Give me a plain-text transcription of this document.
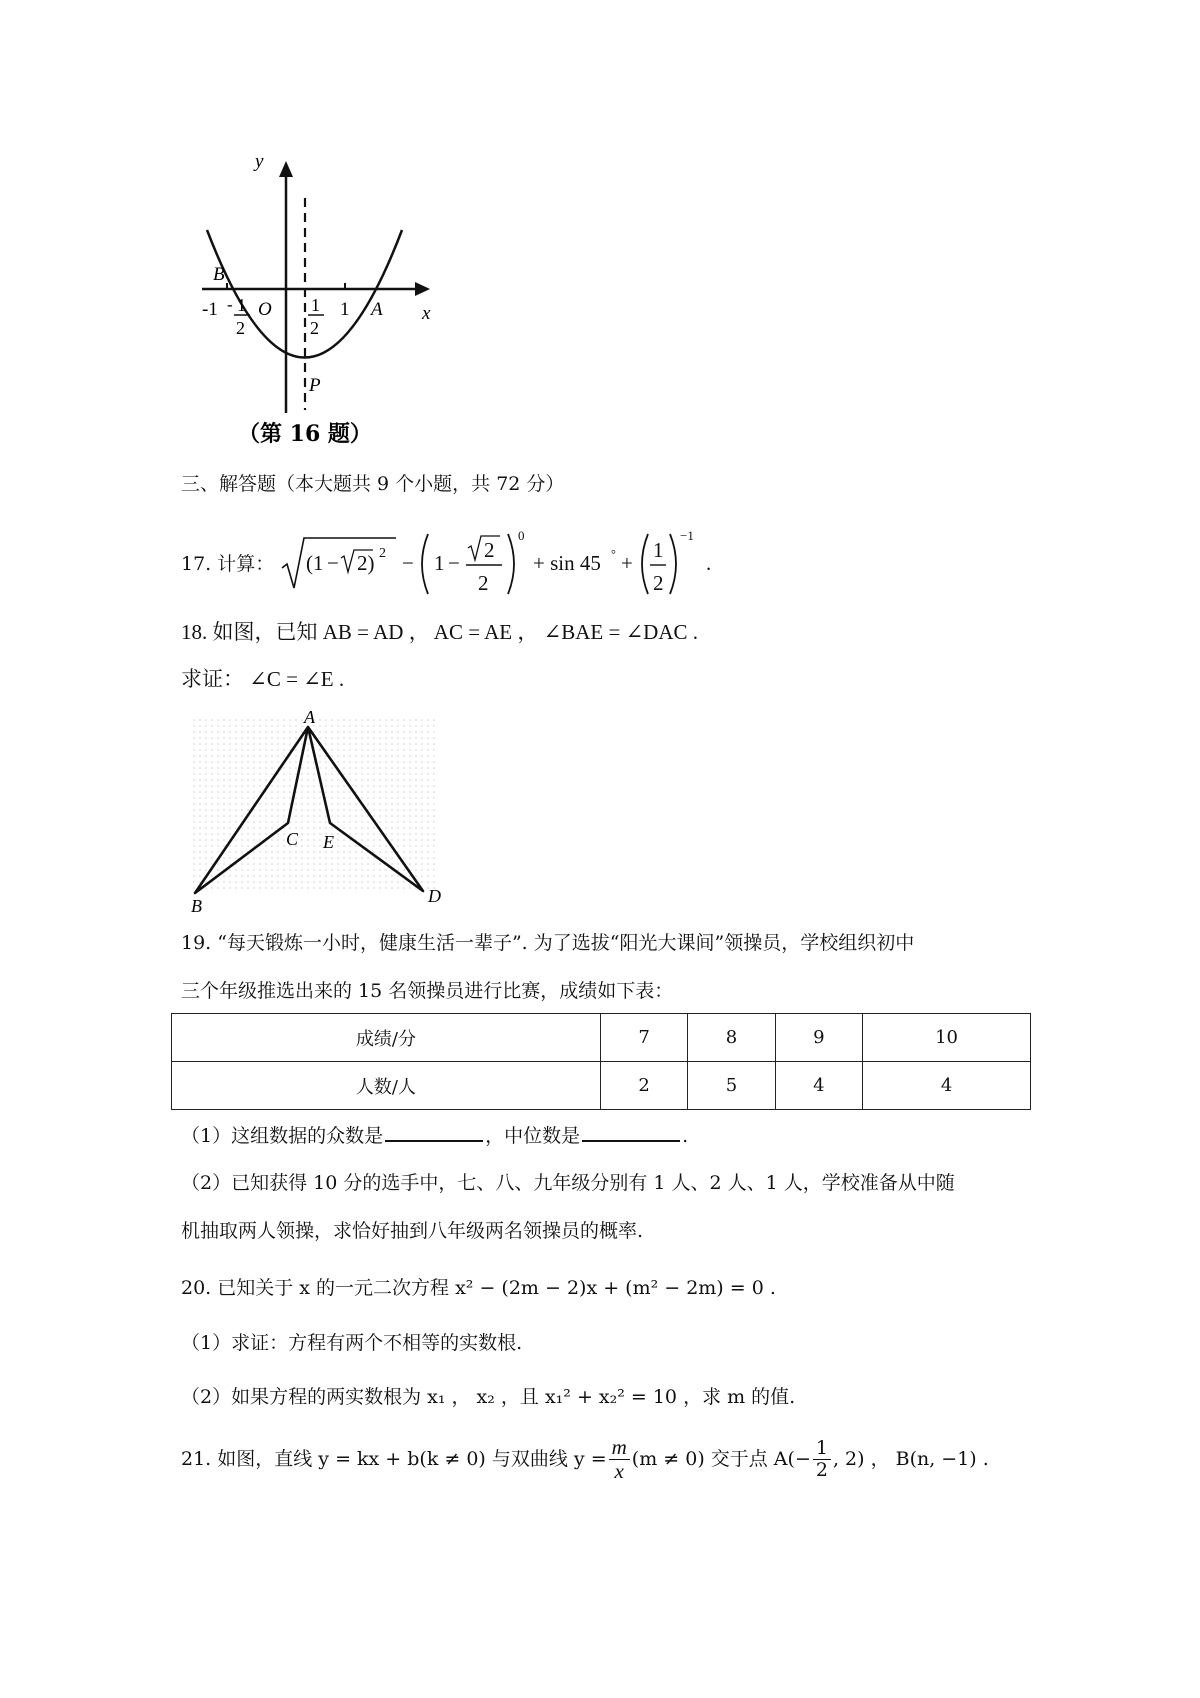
y
x
B
-1 - 1
2
O 1
2
1 A
P
（第 16 题）
三、解答题（本大题共 9 个小题，共 72 分）
17. 计算： (1 − 2) 2 − 1 −
2
2
0
+ sin 45 ° +
1
2
−1
.
18. 如图，已知 AB = AD ， AC = AE ， ∠BAE = ∠DAC .
求证： ∠C = ∠E .
A
B
C E
D
19. “每天锻炼一小时，健康生活一辈子”. 为了选拔“阳光大课间”领操员，学校组织初中
三个年级推选出来的 15 名领操员进行比赛，成绩如下表：
成绩/分	7	8	9	10
人数/人	2	5	4	4
（1）这组数据的众数是	，中位数是	.
（2）已知获得 10 分的选手中，七、八、九年级分别有 1 人、2 人、1 人，学校准备从中随
机抽取两人领操，求恰好抽到八年级两名领操员的概率.
20. 已知关于 x 的一元二次方程 x² − (2m − 2)x + (m² − 2m) = 0 .
（1）求证：方程有两个不相等的实数根.
（2）如果方程的两实数根为 x₁ ， x₂ ，且 x₁² + x₂² = 10 ，求 m 的值.
21. 如图，直线 y = kx + b(k ≠ 0) 与双曲线 $y = \frac{m}{x} (m \ne 0)$ 交于点 $A(- \frac{1}{2}$ , 2) ， B(n, −1) .
